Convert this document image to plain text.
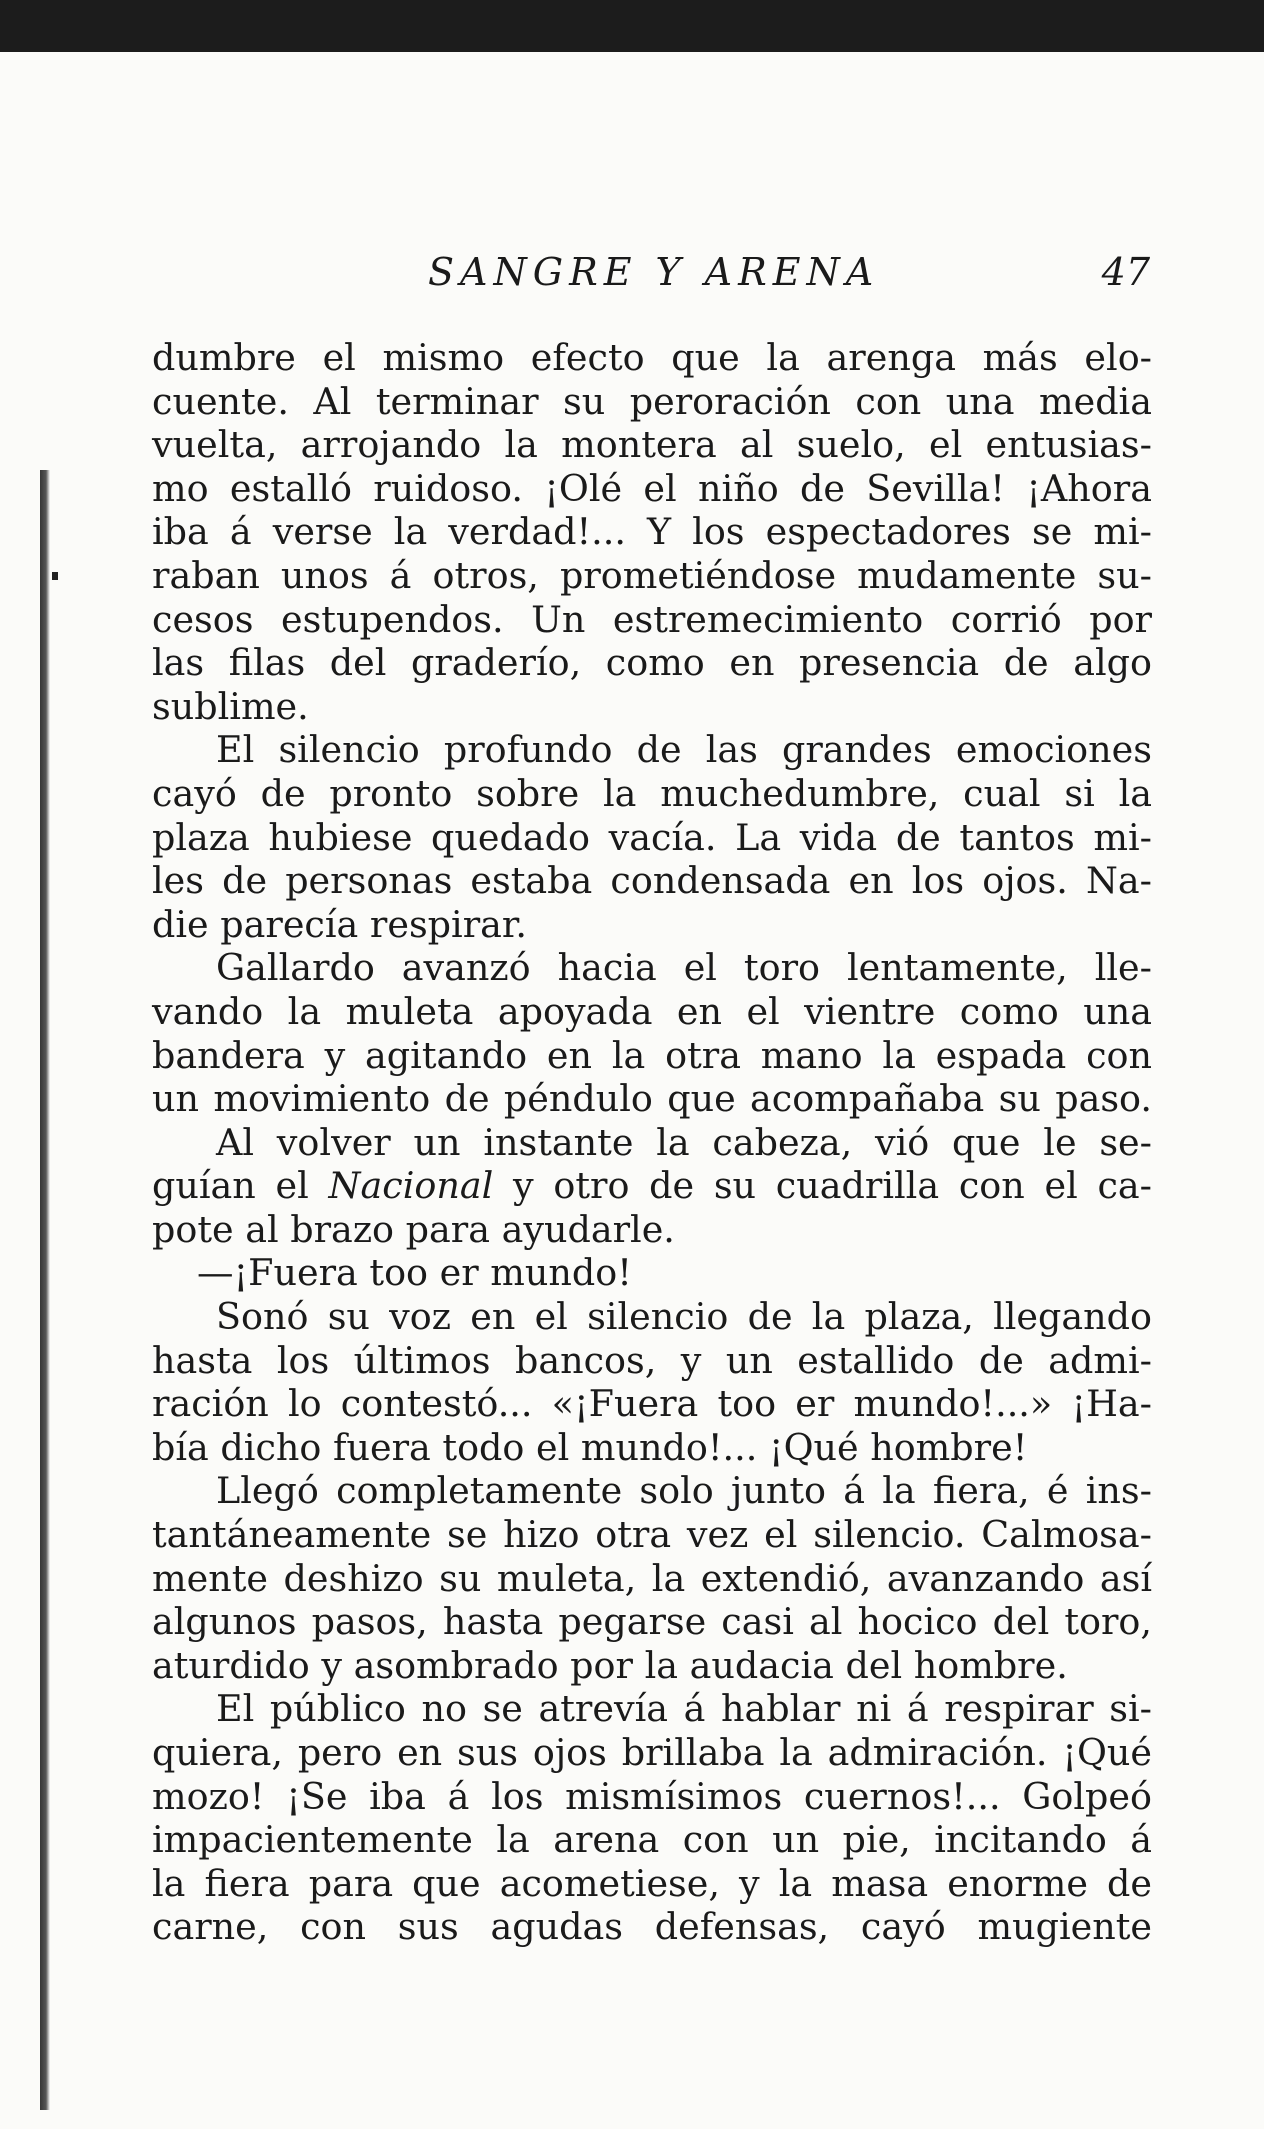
SANGRE Y ARENA	47
dumbre el mismo efecto que la arenga más elo-
cuente. Al terminar su peroración con una media
vuelta, arrojando la montera al suelo, el entusias-
mo estalló ruidoso. ¡Olé el niño de Sevilla! ¡Ahora
iba á verse la verdad!... Y los espectadores se mi-
raban unos á otros, prometiéndose mudamente su-
cesos estupendos. Un estremecimiento corrió por
las filas del graderío, como en presencia de algo
sublime.
El silencio profundo de las grandes emociones
cayó de pronto sobre la muchedumbre, cual si la
plaza hubiese quedado vacía. La vida de tantos mi-
les de personas estaba condensada en los ojos. Na-
die parecía respirar.
Gallardo avanzó hacia el toro lentamente, lle-
vando la muleta apoyada en el vientre como una
bandera y agitando en la otra mano la espada con
un movimiento de péndulo que acompañaba su paso.
Al volver un instante la cabeza, vió que le se-
guían el Nacional y otro de su cuadrilla con el ca-
pote al brazo para ayudarle.
—¡Fuera too er mundo!
Sonó su voz en el silencio de la plaza, llegando
hasta los últimos bancos, y un estallido de admi-
ración lo contestó... «¡Fuera too er mundo!...» ¡Ha-
bía dicho fuera todo el mundo!... ¡Qué hombre!
Llegó completamente solo junto á la fiera, é ins-
tantáneamente se hizo otra vez el silencio. Calmosa-
mente deshizo su muleta, la extendió, avanzando así
algunos pasos, hasta pegarse casi al hocico del toro,
aturdido y asombrado por la audacia del hombre.
El público no se atrevía á hablar ni á respirar si-
quiera, pero en sus ojos brillaba la admiración. ¡Qué
mozo! ¡Se iba á los mismísimos cuernos!... Golpeó
impacientemente la arena con un pie, incitando á
la fiera para que acometiese, y la masa enorme de
carne, con sus agudas defensas, cayó mugiente
